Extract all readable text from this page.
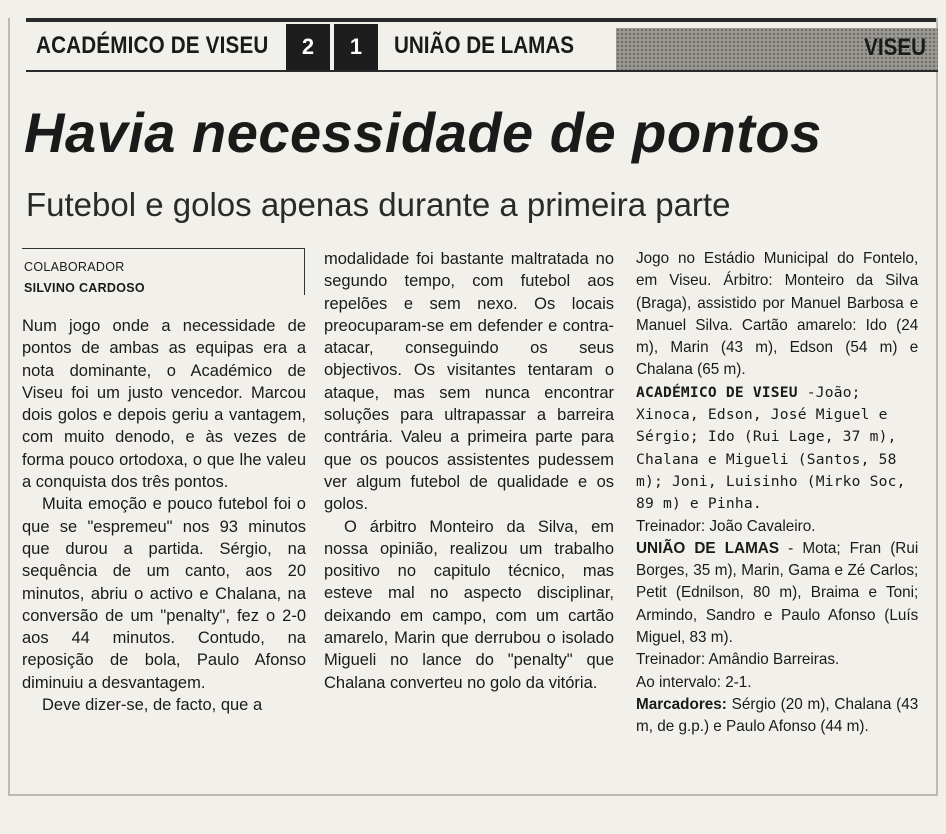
ACADÉMICO DE VISEU	2	1	UNIÃO DE LAMAS	VISEU
Havia necessidade de pontos
Futebol e golos apenas durante a primeira parte
COLABORADOR
SILVINO CARDOSO

Num jogo onde a necessidade de pontos de ambas as equipas era a nota dominante, o Académico de Viseu foi um justo vencedor. Marcou dois golos e depois geriu a vantagem, com muito denodo, e às vezes de forma pouco ortodoxa, o que lhe valeu a conquista dos três pontos.

Muita emoção e pouco futebol foi o que se "espremeu" nos 93 minutos que durou a partida. Sérgio, na sequência de um canto, aos 20 minutos, abriu o activo e Chalana, na conversão de um "penalty", fez o 2-0 aos 44 minutos. Contudo, na reposição de bola, Paulo Afonso diminuiu a desvantagem.

Deve dizer-se, de facto, que a

modalidade foi bastante maltratada no segundo tempo, com futebol aos repelões e sem nexo. Os locais preocuparam-se em defender e contra-atacar, conseguindo os seus objectivos. Os visitantes tentaram o ataque, mas sem nunca encontrar soluções para ultrapassar a barreira contrária. Valeu a primeira parte para que os poucos assistentes pudessem ver algum futebol de qualidade e os golos.

O árbitro Monteiro da Silva, em nossa opinião, realizou um trabalho positivo no capitulo técnico, mas esteve mal no aspecto disciplinar, deixando em campo, com um cartão amarelo, Marin que derrubou o isolado Migueli no lance do "penalty" que Chalana converteu no golo da vitória.

Jogo no Estádio Municipal do Fontelo, em Viseu. Árbitro: Monteiro da Silva (Braga), assistido por Manuel Barbosa e Manuel Silva. Cartão amarelo: Ido (24 m), Marin (43 m), Edson (54 m) e Chalana (65 m).

ACADÉMICO DE VISEU -João; Xinoca, Edson, José Miguel e Sérgio; Ido (Rui Lage, 37 m), Chalana e Migueli (Santos, 58 m); Joni, Luisinho (Mirko Soc, 89 m) e Pinha.

Treinador: João Cavaleiro.

UNIÃO DE LAMAS - Mota; Fran (Rui Borges, 35 m), Marin, Gama e Zé Carlos; Petit (Ednilson, 80 m), Braima e Toni; Armindo, Sandro e Paulo Afonso (Luís Miguel, 83 m).

Treinador: Amândio Barreiras.

Ao intervalo: 2-1.

Marcadores: Sérgio (20 m), Chalana (43 m, de g.p.) e Paulo Afonso (44 m).
